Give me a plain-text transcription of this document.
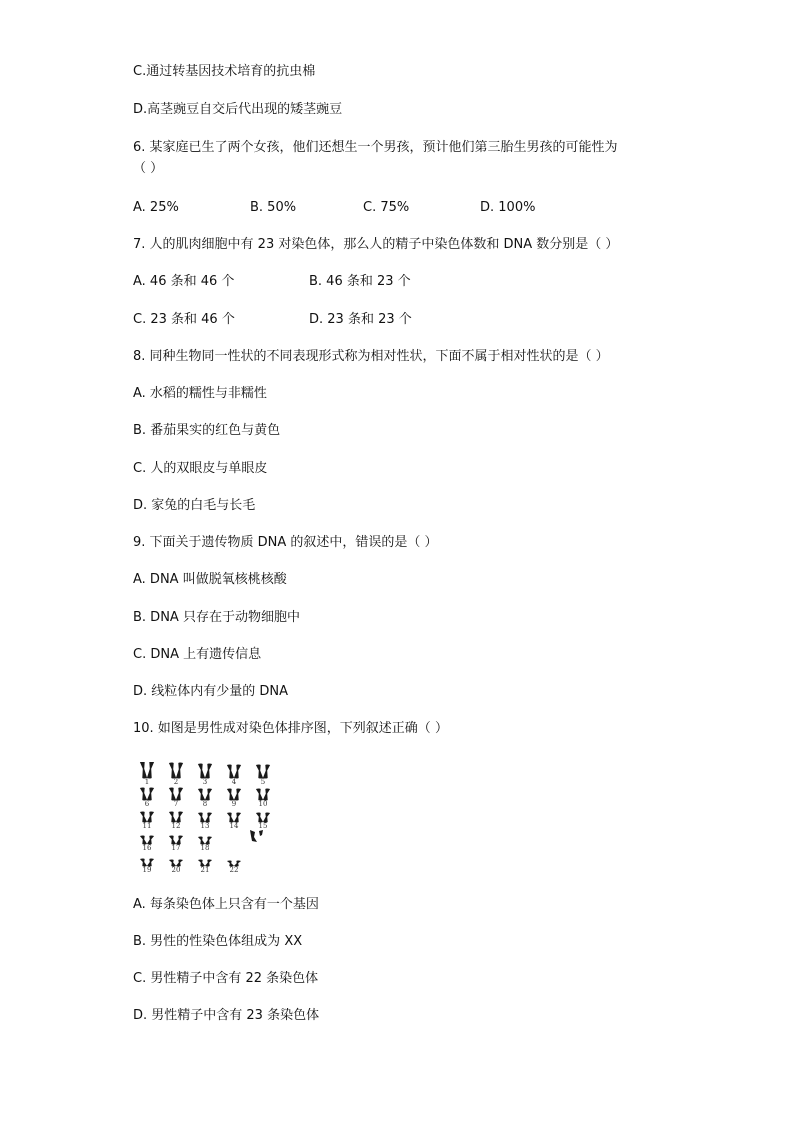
C.通过转基因技术培育的抗虫棉
D.高茎豌豆自交后代出现的矮茎豌豆
6. 某家庭已生了两个女孩，他们还想生一个男孩，预计他们第三胎生男孩的可能性为
（ ）
A. 25%	B. 50%	C. 75%	D. 100%
7. 人的肌肉细胞中有 23 对染色体，那么人的精子中染色体数和 DNA 数分别是（ ）
A. 46 条和 46 个	B. 46 条和 23 个
C. 23 条和 46 个	D. 23 条和 23 个
8. 同种生物同一性状的不同表现形式称为相对性状，下面不属于相对性状的是（ ）
A. 水稻的糯性与非糯性
B. 番茄果实的红色与黄色
C. 人的双眼皮与单眼皮
D. 家兔的白毛与长毛
9. 下面关于遗传物质 DNA 的叙述中，错误的是（ ）
A. DNA 叫做脱氧核桃核酸
B. DNA 只存在于动物细胞中
C. DNA 上有遗传信息
D. 线粒体内有少量的 DNA
10. 如图是男性成对染色体排序图，下列叙述正确（ ）
1	2	3	4	5
6	7	8	9	10
11	12	13	14	15
16	17	18
19	20	21	22
A. 每条染色体上只含有一个基因
B. 男性的性染色体组成为 XX
C. 男性精子中含有 22 条染色体
D. 男性精子中含有 23 条染色体
